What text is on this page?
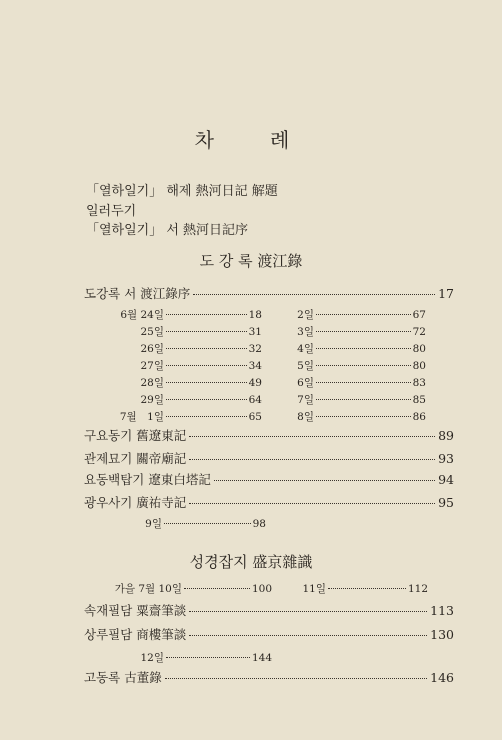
차　례
「열하일기」 해제 熱河日記 解題
일러두기
「열하일기」 서 熱河日記序
도 강 록 渡江錄
도강록 서 渡江錄序	17
6월 24일	18
25일	31
26일	32
27일	34
28일	49
29일	64
7월　1일	65
2일	67
3일	72
4일	80
5일	80
6일	83
7일	85
8일	86
구요동기 舊遼東記	89
관제묘기 關帝廟記	93
요동백탑기 遼東白塔記	94
광우사기 廣祐寺記	95
9일	98
성경잡지 盛京雜識
가을 7월 10일	100	11일	112
속재필담 粟齋筆談	113
상루필담 商樓筆談	130
12일	144
고동록 古董錄	146
